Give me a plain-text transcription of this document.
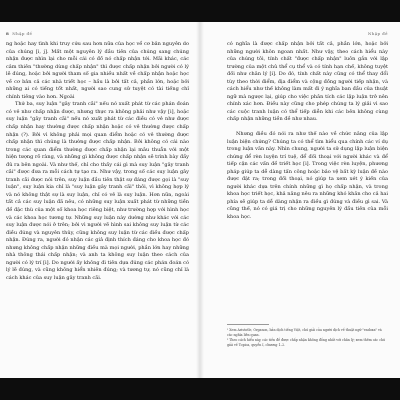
8 Nhập đề

ng hoặc hay tình khi truy cứu sau hơn nữa của học về cơ bản nguyên do của chúng [i, j]. Mất một nguyên lý đầu tiên của chúng sang chúng nhận được nhìn lại cho mỗi cái có đồ nó chấp nhận tới. Mãi khác, các cảm thiên "thường dùng chấp nhận" thì được chấp nhận bởi người có lý lẽ đúng, hoặc bởi người tham số gia nhiều nhất về chấp nhận hoặc học về cơ bản cả các nhà triết học – hầu là bởi tất cả, phần lớn, hoặc bởi những ai có tiếng tốt nhất, người sao cung sử tuyệt có tài tiếng chỉ chính tiêng vào hơn. Ngoài

Thứ ba, suy luận "gây tranh cãi" nếu nó xuất phát từ các phán đoán có vẻ như chấp nhận được, nhưng thực ra không phải như vậy [i], hoặc suy luận "gây tranh cãi" nếu nó xuất phát từ các điều có vẻ như được chấp nhận hay thường được chấp nhận hoặc có vẻ thường được chấp nhận (?). Bởi vì không phải mọi quan điểm hoặc có vẻ thường được chấp nhận thì chúng là thường được chấp nhận. Bởi không có cái nào trong các quan điểm thường được chấp nhận lại mâu thuẫn với một hiện tượng rõ ràng, và những gì không được chấp nhận sẽ trình bày đầy đủ ra bên ngoài. Và như thế, chỉ cho thấy cái gì mà suy luận "gây tranh cãi" được đưa ra mỗi cách tự tạo ra. Như vậy, trong số các suy luận gây tranh cãi được nói trên, suy luận đầu tiên thật sự đáng được gọi là "suy luận", suy luận kia chỉ là "suy luận gây tranh cãi" thôi, vì không hợp lý và nó không thật sự là suy luận, chỉ có vẻ là suy luận. Hơn nữa, ngoài tất cả các suy luận đã nêu, có những suy luận xuất phát từ những tiền đề đặc thù của một số khoa học riêng biệt, như trường hợp với hình học và các khoa học tương tự. Những suy luận này dường như khác với các suy luận được nói ở trên; bởi vì người vẽ hình sai không suy luận từ các điều đúng và nguyên thủy, cũng không suy luận từ các điều được chấp nhận. Đúng ra, người đó nhận các giả định thích đáng cho khoa học đó nhưng không chấp nhận những điều mà mọi người, phần lớn hay những nhà thông thái chấp nhận; và anh ta không suy luận theo cách của người có lý trí [i]. Do người ấy không đi tiên dựa đúng các phán đoán có lý lẽ đúng, và cũng không hiển nhiên đúng; và tương tự, nó cũng chỉ là cách khác của suy luận gây tranh cãi.

Nhập đề

có nghĩa là được chấp nhận bởi tất cả, phần lớn, hoặc bởi những người khôn ngoan nhất. Như vậy, theo cách hiểu này của chúng tôi, tính chất "được chấp nhận" luôn gắn với lập trường của một chủ thể cụ thể và có tính hạn chế, không tuyệt đối như chân lý [i]. Do đó, tính chất này cũng có thể thay đổi tùy theo thời điểm, địa điểm và cộng đồng người tiếp nhận, và cách hiểu như thế không làm mất đi ý nghĩa ban đầu của thuật ngữ mà ngược lại, giúp cho việc phân tích các lập luận trở nên chính xác hơn. Điều này cũng cho phép chúng ta lý giải vì sao các cuộc tranh luận có thể tiếp diễn khi các bên không cùng chấp nhận những tiền đề như nhau.

Nhưng điều đó nói ra như thế nào về chức năng của lập luận biện chứng? Chúng ta có thể tìm hiểu qua chính các ví dụ trong luận văn này. Nhìn chung, người ta sử dụng lập luận biện chứng để rèn luyện trí tuệ, để đối thoại với người khác và để tiếp cận các vấn đề triết học [i]. Trong việc rèn luyện, phương pháp giúp ta dễ dàng tấn công hoặc bảo vệ bất kỳ luận đề nào được đặt ra; trong đối thoại, nó giúp ta xem xét ý kiến của người khác dựa trên chính những gì họ chấp nhận, và trong khoa học triết học, khả năng nêu ra những khó khăn cho cả hai phía sẽ giúp ta dễ dàng nhận ra điều gì đúng và điều gì sai. Và cũng thế, nó có giá trị cho những nguyên lý đầu tiên của mỗi khoa học.

¹ Xem Aristotle, Organon, bản dịch tiếng Việt, chú giải của người dịch về thuật ngữ "endoxa" và các nghĩa liên quan.

² Theo cách hiểu này, các tiền đề được chấp nhận không đồng nhất với chân lý; xem thêm các chú giải về Topica, quyển I, chương 1–2.
